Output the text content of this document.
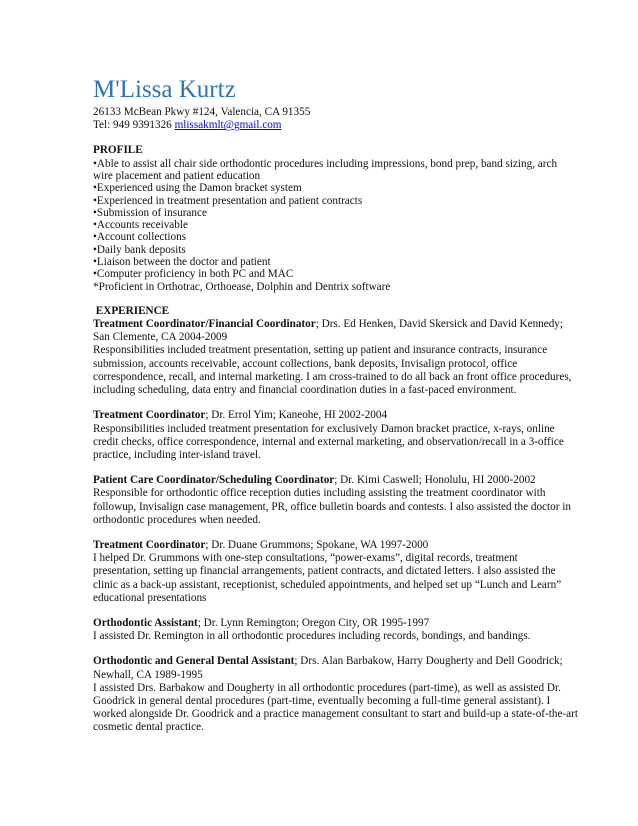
M'Lissa Kurtz
26133 McBean Pkwy #124, Valencia, CA 91355
Tel: 949 9391326 mlissakmlt@gmail.com
PROFILE
•Able to assist all chair side orthodontic procedures including impressions, bond prep, band sizing, arch wire placement and patient education
•Experienced using the Damon bracket system
•Experienced in treatment presentation and patient contracts
•Submission of insurance
•Accounts receivable
•Account collections
•Daily bank deposits
•Liaison between the doctor and patient
•Computer proficiency in both PC and MAC
*Proficient in Orthotrac, Orthoease, Dolphin and Dentrix software
EXPERIENCE

Treatment Coordinator/Financial Coordinator; Drs. Ed Henken, David Skersick and David Kennedy; San Clemente, CA 2004-2009

Responsibilities included treatment presentation, setting up patient and insurance contracts, insurance submission, accounts receivable, account collections, bank deposits, Invisalign protocol, office correspondence, recall, and internal marketing. I am cross-trained to do all back an front office procedures, including scheduling, data entry and financial coordination duties in a fast-paced environment.

Treatment Coordinator; Dr. Errol Yim; Kaneohe, HI 2002-2004

Responsibilities included treatment presentation for exclusively Damon bracket practice, x-rays, online credit checks, office correspondence, internal and external marketing, and observation/recall in a 3-office practice, including inter-island travel.

Patient Care Coordinator/Scheduling Coordinator; Dr. Kimi Caswell; Honolulu, HI 2000-2002

Responsible for orthodontic office reception duties including assisting the treatment coordinator with followup, Invisalign case management, PR, office bulletin boards and contests. I also assisted the doctor in orthodontic procedures when needed.

Treatment Coordinator; Dr. Duane Grummons; Spokane, WA 1997-2000

I helped Dr. Grummons with one-step consultations, “power-exams”, digital records, treatment presentation, setting up financial arrangements, patient contracts, and dictated letters. I also assisted the clinic as a back-up assistant, receptionist, scheduled appointments, and helped set up “Lunch and Learn” educational presentations

Orthodontic Assistant; Dr. Lynn Remington; Oregon City, OR 1995-1997

I assisted Dr. Remington in all orthodontic procedures including records, bondings, and bandings.

Orthodontic and General Dental Assistant; Drs. Alan Barbakow, Harry Dougherty and Dell Goodrick; Newhall, CA 1989-1995

I assisted Drs. Barbakow and Dougherty in all orthodontic procedures (part-time), as well as assisted Dr. Goodrick in general dental procedures (part-time, eventually becoming a full-time general assistant). I worked alongside Dr. Goodrick and a practice management consultant to start and build-up a state-of-the-art cosmetic dental practice.
